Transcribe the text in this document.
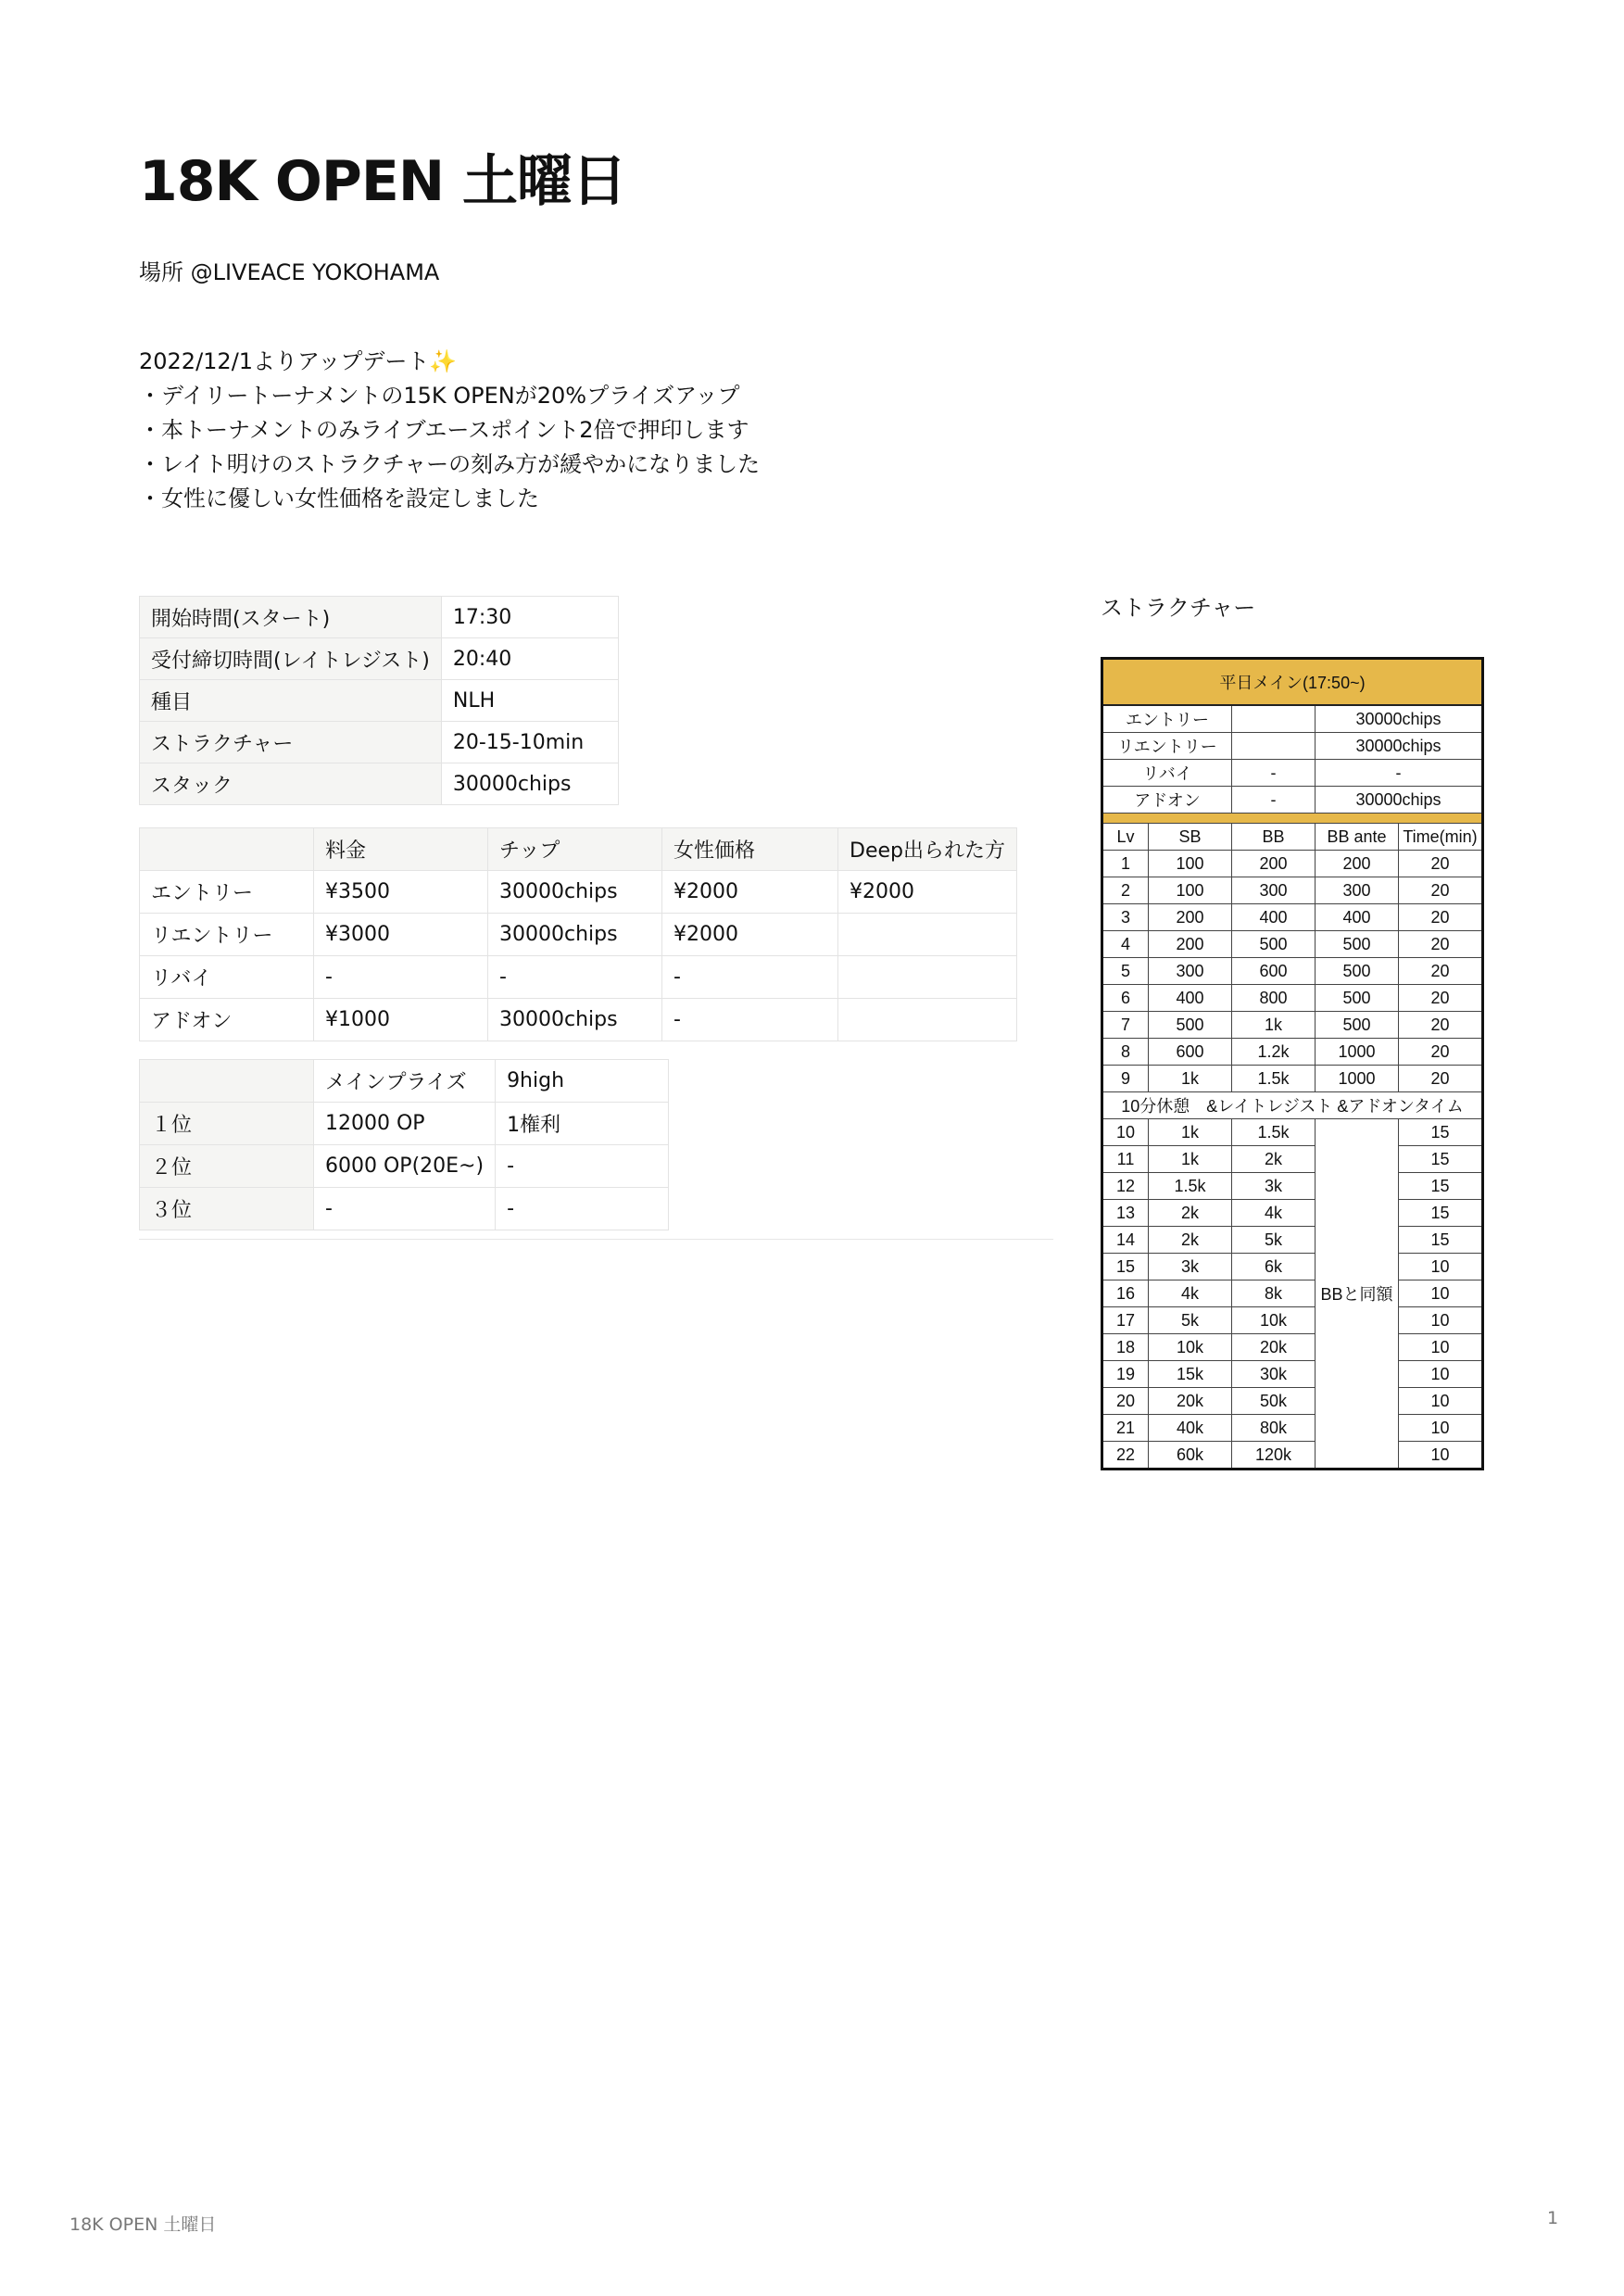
18K OPEN 土曜日
場所 @LIVEACE YOKOHAMA
2022/12/1よりアップデート✨
・デイリートーナメントの15K OPENが20%プライズアップ
・本トーナメントのみライブエースポイント2倍で押印します
・レイト明けのストラクチャーの刻み方が緩やかになりました
・女性に優しい女性価格を設定しました
開始時間(スタート)	17:30
受付締切時間(レイトレジスト)	20:40
種目	NLH
ストラクチャー	20-15-10min
スタック	30000chips
	料金	チップ	女性価格	Deep出られた方
エントリー	¥3500	30000chips	¥2000	¥2000
リエントリー	¥3000	30000chips	¥2000	
リバイ	-	-	-	
アドオン	¥1000	30000chips	-	
	メインプライズ	9high
１位	12000 OP	1権利
２位	6000 OP(20E~)	-
３位	-	-
ストラクチャー
平日メイン(17:50~)				
エントリー			30000chips	
リエントリー			30000chips	
リバイ		-	-	
アドオン		-	30000chips	

Lv	SB	BB	BB ante	Time(min)
1	100	200	200	20
2	100	300	300	20
3	200	400	400	20
4	200	500	500	20
5	300	600	500	20
6	400	800	500	20
7	500	1k	500	20
8	600	1.2k	1000	20
9	1k	1.5k	1000	20
10分休憩　&レイトレジスト &アドオンタイム				
10	1k	1.5k	BBと同額	15
11	1k	2k		15
12	1.5k	3k		15
13	2k	4k		15
14	2k	5k		15
15	3k	6k		10
16	4k	8k		10
17	5k	10k		10
18	10k	20k		10
19	15k	30k		10
20	20k	50k		10
21	40k	80k		10
22	60k	120k		10
18K OPEN 土曜日	1
